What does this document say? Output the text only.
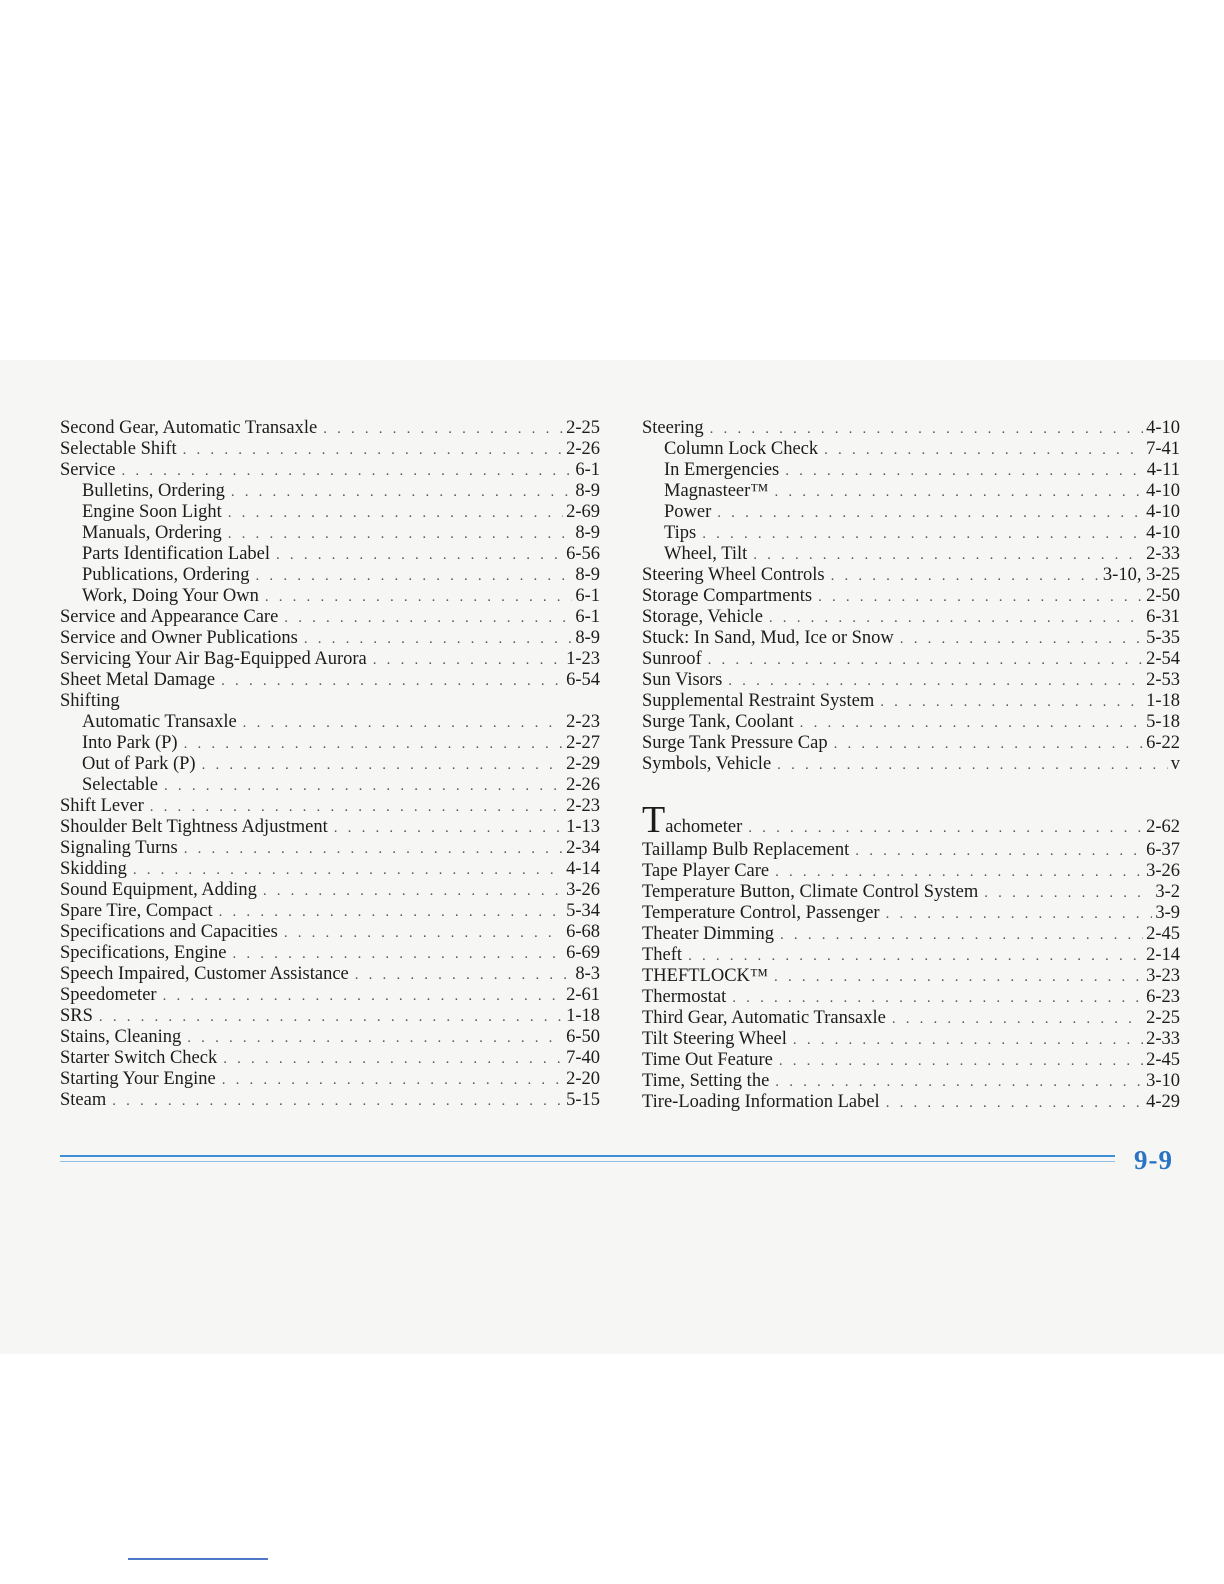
Second Gear, Automatic Transaxle . . .	2-25
Selectable Shift . . .	2-26
Service . . .	6-1
Bulletins, Ordering . . .	8-9
Engine Soon Light . . .	2-69
Manuals, Ordering . . .	8-9
Parts Identification Label . . .	6-56
Publications, Ordering . . .	8-9
Work, Doing Your Own . . .	6-1
Service and Appearance Care . . .	6-1
Service and Owner Publications . . .	8-9
Servicing Your Air Bag-Equipped Aurora . . .	1-23
Sheet Metal Damage . . .	6-54
Shifting
Automatic Transaxle . . .	2-23
Into Park (P) . . .	2-27
Out of Park (P) . . .	2-29
Selectable . . .	2-26
Shift Lever . . .	2-23
Shoulder Belt Tightness Adjustment . . .	1-13
Signaling Turns . . .	2-34
Skidding . . .	4-14
Sound Equipment, Adding . . .	3-26
Spare Tire, Compact . . .	5-34
Specifications and Capacities . . .	6-68
Specifications, Engine . . .	6-69
Speech Impaired, Customer Assistance . . .	8-3
Speedometer . . .	2-61
SRS . . .	1-18
Stains, Cleaning . . .	6-50
Starter Switch Check . . .	7-40
Starting Your Engine . . .	2-20
Steam . . .	5-15
Steering . . .	4-10
Column Lock Check . . .	7-41
In Emergencies . . .	4-11
Magnasteer™ . . .	4-10
Power . . .	4-10
Tips . . .	4-10
Wheel, Tilt . . .	2-33
Steering Wheel Controls . . .	3-10, 3-25
Storage Compartments . . .	2-50
Storage, Vehicle . . .	6-31
Stuck: In Sand, Mud, Ice or Snow . . .	5-35
Sunroof . . .	2-54
Sun Visors . . .	2-53
Supplemental Restraint System . . .	1-18
Surge Tank, Coolant . . .	5-18
Surge Tank Pressure Cap . . .	6-22
Symbols, Vehicle . . .	v
Tachometer . . .	2-62
Taillamp Bulb Replacement . . .	6-37
Tape Player Care . . .	3-26
Temperature Button, Climate Control System . . .	3-2
Temperature Control, Passenger . . .	3-9
Theater Dimming . . .	2-45
Theft . . .	2-14
THEFTLOCK™ . . .	3-23
Thermostat . . .	6-23
Third Gear, Automatic Transaxle . . .	2-25
Tilt Steering Wheel . . .	2-33
Time Out Feature . . .	2-45
Time, Setting the . . .	3-10
Tire-Loading Information Label . . .	4-29
9-9
